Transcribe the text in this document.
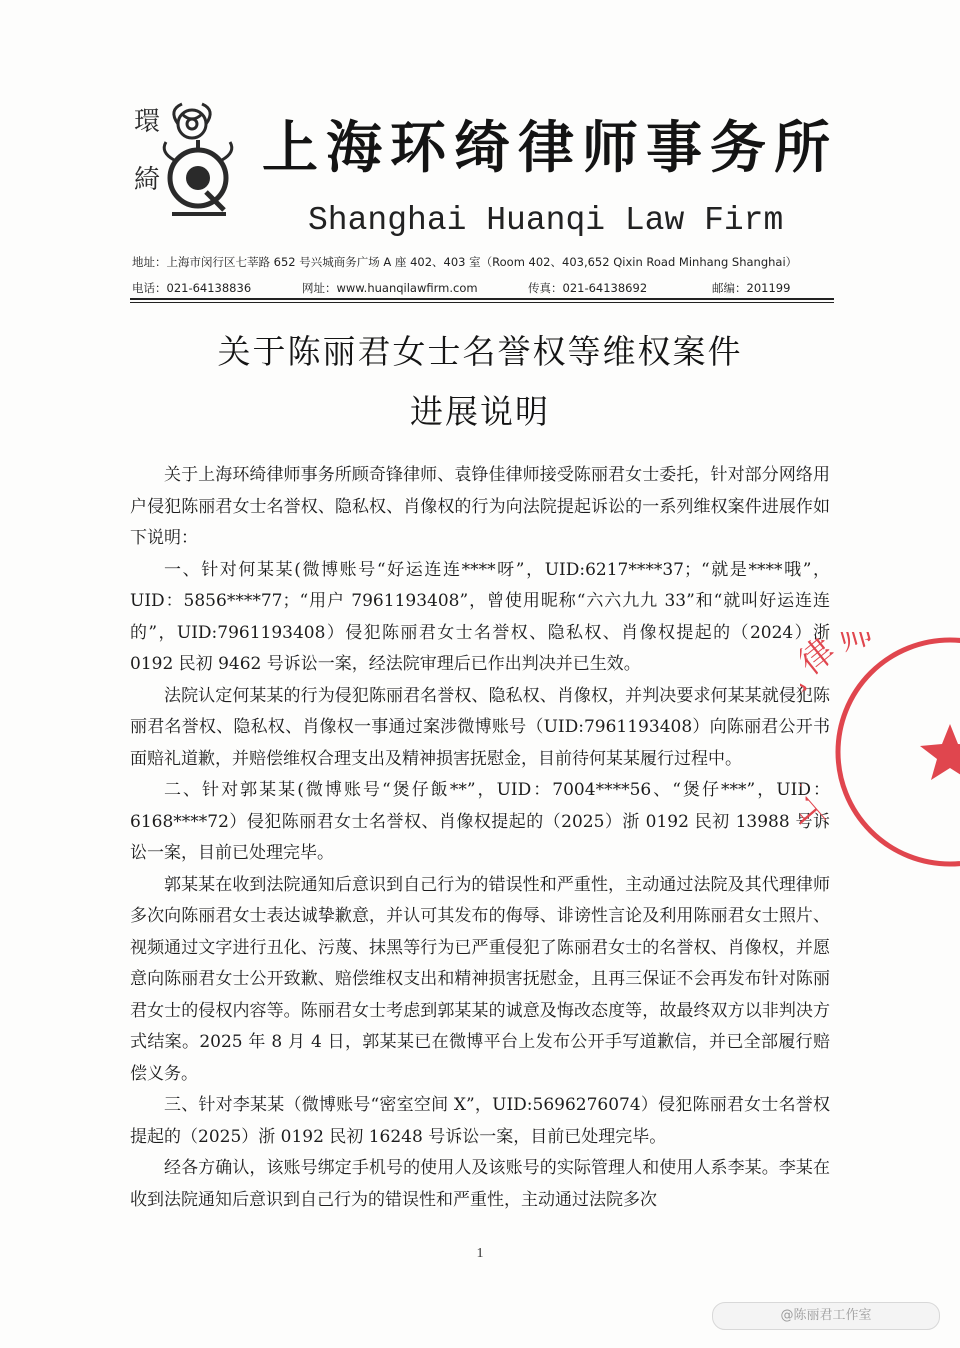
環
綺 上海环绮律师事务所
Shanghai Huanqi Law Firm
地址：上海市闵行区七莘路 652 号兴城商务广场 A 座 402、403 室（Room 402、403,652 Qixin Road Minhang Shanghai）
电话：021-64138836	网址：www.huanqilawfirm.com	传真：021-64138692	邮编：201199
关于陈丽君女士名誉权等维权案件
进展说明

关于上海环绮律师事务所顾奇锋律师、袁铮佳律师接受陈丽君女士委托，针对部分网络用户侵犯陈丽君女士名誉权、隐私权、肖像权的行为向法院提起诉讼的一系列维权案件进展作如下说明：

一、针对何某某(微博账号“好运连连****呀”，UID:6217****37；“就是****哦”，UID：5856****77；“用户 7961193408”，曾使用昵称“六六九九 33”和“就叫好运连连的”，UID:7961193408）侵犯陈丽君女士名誉权、隐私权、肖像权提起的（2024）浙 0192 民初 9462 号诉讼一案，经法院审理后已作出判决并已生效。

法院认定何某某的行为侵犯陈丽君名誉权、隐私权、肖像权，并判决要求何某某就侵犯陈丽君名誉权、隐私权、肖像权一事通过案涉微博账号（UID:7961193408）向陈丽君公开书面赔礼道歉，并赔偿维权合理支出及精神损害抚慰金，目前待何某某履行过程中。

二、针对郭某某(微博账号“煲仔飯**”，UID：7004****56、“煲仔***”，UID：6168****72）侵犯陈丽君女士名誉权、肖像权提起的（2025）浙 0192 民初 13988 号诉讼一案，目前已处理完毕。

郭某某在收到法院通知后意识到自己行为的错误性和严重性，主动通过法院及其代理律师多次向陈丽君女士表达诚挚歉意，并认可其发布的侮辱、诽谤性言论及利用陈丽君女士照片、视频通过文字进行丑化、污蔑、抹黑等行为已严重侵犯了陈丽君女士的名誉权、肖像权，并愿意向陈丽君女士公开致歉、赔偿维权支出和精神损害抚慰金，且再三保证不会再发布针对陈丽君女士的侵权内容等。陈丽君女士考虑到郭某某的诚意及悔改态度等，故最终双方以非判决方式结案。2025 年 8 月 4 日，郭某某已在微博平台上发布公开手写道歉信，并已全部履行赔偿义务。

三、针对李某某（微博账号“密室空间 X”，UID:5696276074）侵犯陈丽君女士名誉权提起的（2025）浙 0192 民初 16248 号诉讼一案，目前已处理完毕。

经各方确认，该账号绑定手机号的使用人及该账号的实际管理人和使用人系李某。李某在收到法院通知后意识到自己行为的错误性和严重性，主动通过法院多次

1
师
@陈丽君工作室
